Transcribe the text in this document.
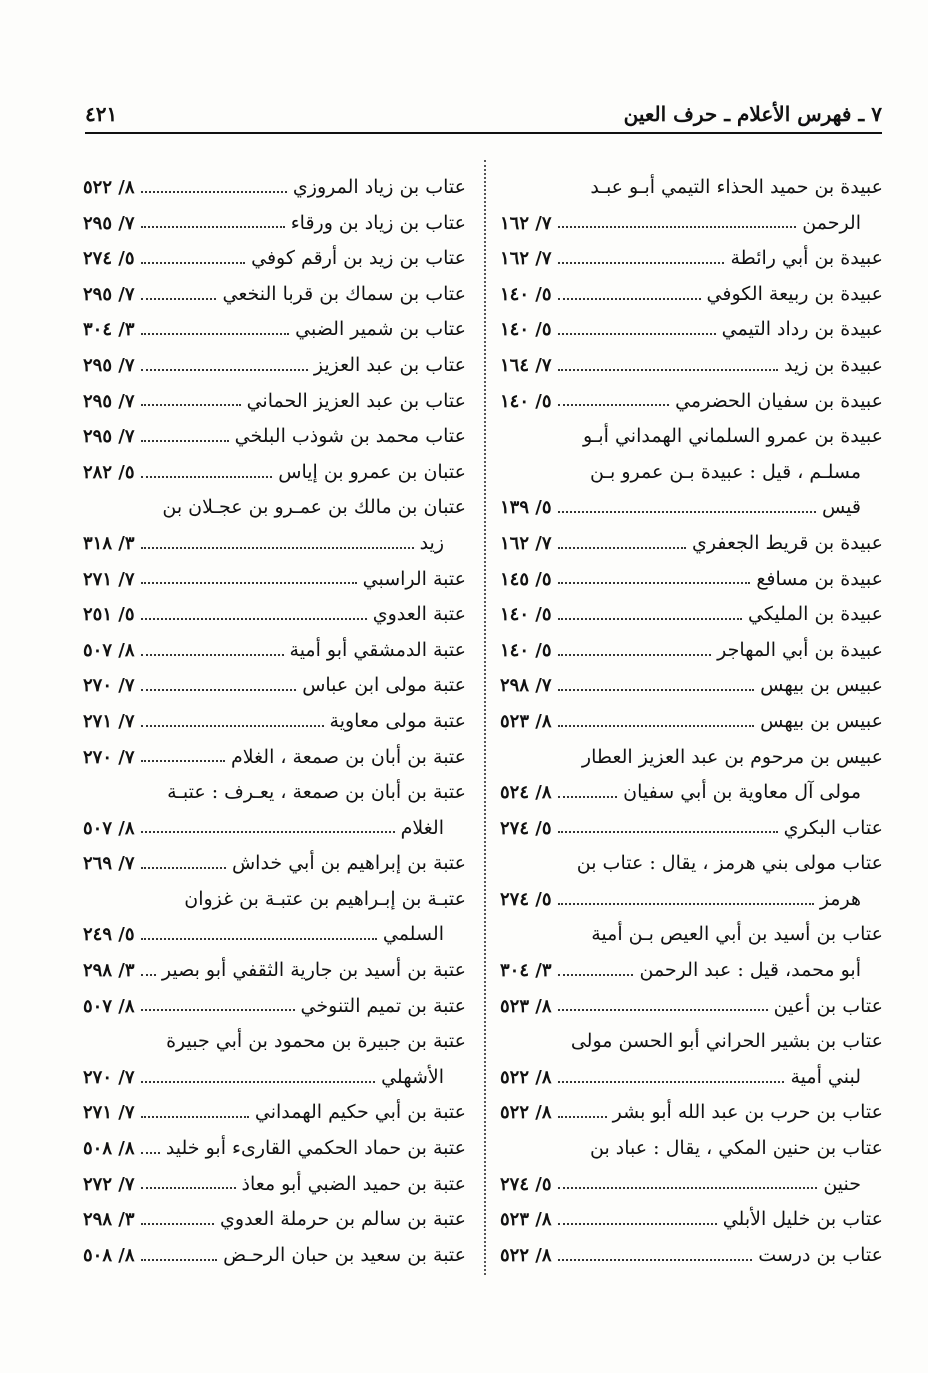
٧ ـ فهرس الأعلام ـ حرف العين
٤٢١
عبيدة بن حميد الحذاء التيمي أبـو عبـد
الرحمن
٧/ ١٦٢
عبيدة بن أبي رائطة
٧/ ١٦٢
عبيدة بن ربيعة الكوفي
٥/ ١٤٠
عبيدة بن رداد التيمي
٥/ ١٤٠
عبيدة بن زيد
٧/ ١٦٤
عبيدة بن سفيان الحضرمي
٥/ ١٤٠
عبيدة بن عمرو السلماني الهمداني أبـو
مسلـم ، قيل : عبيدة بـن عمرو بـن
قيس
٥/ ١٣٩
عبيدة بن قريط الجعفري
٧/ ١٦٢
عبيدة بن مسافع
٥/ ١٤٥
عبيدة بن المليكي
٥/ ١٤٠
عبيدة بن أبي المهاجر
٥/ ١٤٠
عبيس بن بيهس
٧/ ٢٩٨
عبيس بن بيهس
٨/ ٥٢٣
عبيس بن مرحوم بن عبد العزيز العطار
مولى آل معاوية بن أبي سفيان
٨/ ٥٢٤
عتاب البكري
٥/ ٢٧٤
عتاب مولى بني هرمز ، يقال : عتاب بن
هرمز
٥/ ٢٧٤
عتاب بن أسيد بن أبي العيص بـن أمية
أبو محمد، قيل : عبد الرحمن
٣/ ٣٠٤
عتاب بن أعين
٨/ ٥٢٣
عتاب بن بشير الحراني أبو الحسن مولى
لبني أمية
٨/ ٥٢٢
عتاب بن حرب بن عبد الله أبو بشر
٨/ ٥٢٢
عتاب بن حنين المكي ، يقال : عباد بن
حنين
٥/ ٢٧٤
عتاب بن خليل الأبلي
٨/ ٥٢٣
عتاب بن درست
٨/ ٥٢٢
عتاب بن زياد المروزي
٨/ ٥٢٢
عتاب بن زياد بن ورقاء
٧/ ٢٩٥
عتاب بن زيد بن أرقم كوفي
٥/ ٢٧٤
عتاب بن سماك بن قربا النخعي
٧/ ٢٩٥
عتاب بن شمير الضبي
٣/ ٣٠٤
عتاب بن عبد العزيز
٧/ ٢٩٥
عتاب بن عبد العزيز الحماني
٧/ ٢٩٥
عتاب محمد بن شوذب البلخي
٧/ ٢٩٥
عتبان بن عمرو بن إياس
٥/ ٢٨٢
عتبان بن مالك بن عمـرو بن عجـلان بن
زيد
٣/ ٣١٨
عتبة الراسبي
٧/ ٢٧١
عتبة العدوي
٥/ ٢٥١
عتبة الدمشقي أبو أمية
٨/ ٥٠٧
عتبة مولى ابن عباس
٧/ ٢٧٠
عتبة مولى معاوية
٧/ ٢٧١
عتبة بن أبان بن صمعة ، الغلام
٧/ ٢٧٠
عتبة بن أبان بن صمعة ، يعـرف : عتبـة
الغلام
٨/ ٥٠٧
عتبة بن إبراهيم بن أبي خداش
٧/ ٢٦٩
عتبـة بن إبـراهيم بن عتبـة بن غزوان
السلمي
٥/ ٢٤٩
عتبة بن أسيد بن جارية الثقفي أبو بصير
٣/ ٢٩٨
عتبة بن تميم التنوخي
٨/ ٥٠٧
عتبة بن جبيرة بن محمود بن أبي جبيرة
الأشهلي
٧/ ٢٧٠
عتبة بن أبي حكيم الهمداني
٧/ ٢٧١
عتبة بن حماد الحكمي القارىء أبو خليد
٨/ ٥٠٨
عتبة بن حميد الضبي أبو معاذ
٧/ ٢٧٢
عتبة بن سالم بن حرملة العدوي
٣/ ٢٩٨
عتبة بن سعيد بن حبان الرحـض
٨/ ٥٠٨
